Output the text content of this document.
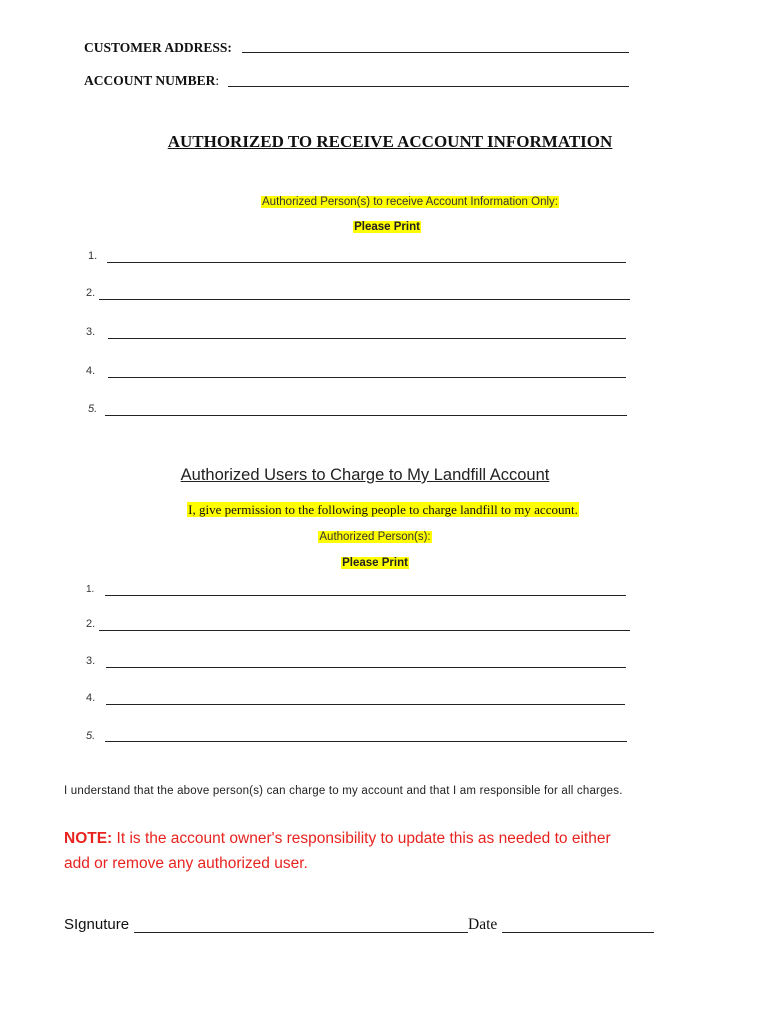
CUSTOMER ADDRESS:
ACCOUNT NUMBER:
AUTHORIZED TO RECEIVE ACCOUNT INFORMATION
Authorized Person(s) to receive Account Information Only:
Please Print
1.
2.
3.
4.
5.
Authorized Users to Charge to My Landfill Account
I, give permission to the following people to charge landfill to my account.
Authorized Person(s):
Please Print
1.
2.
3.
4.
5.
I understand that the above person(s) can charge to my account and that I am responsible for all charges.
NOTE: It is the account owner's responsibility to update this as needed to either
add or remove any authorized user.
SIgnuture	Date
